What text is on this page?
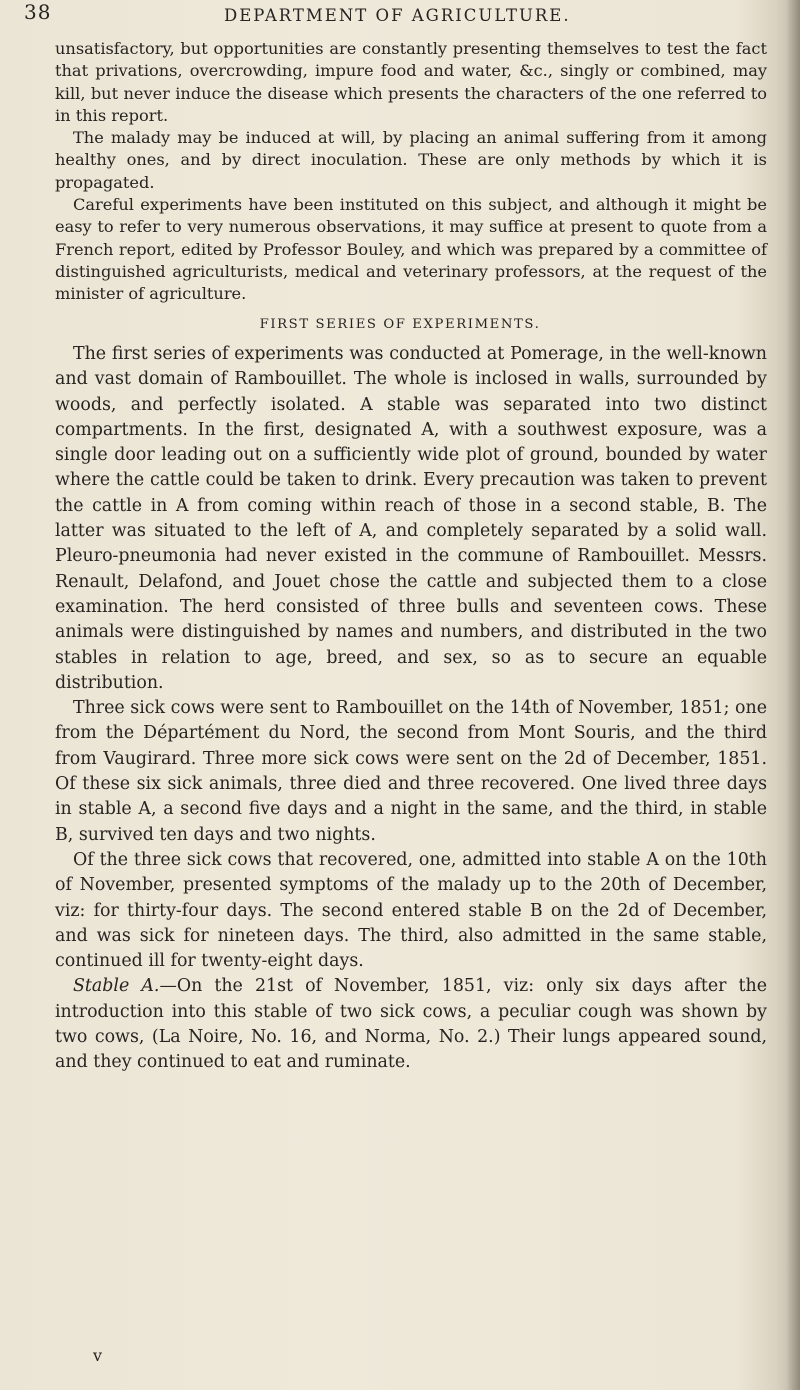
38	DEPARTMENT OF AGRICULTURE.

unsatisfactory, but opportunities are constantly presenting themselves to test the fact that privations, overcrowding, impure food and water, &c., singly or combined, may kill, but never induce the disease which presents the characters of the one referred to in this report.

The malady may be induced at will, by placing an animal suffering from it among healthy ones, and by direct inoculation. These are only methods by which it is propagated.

Careful experiments have been instituted on this subject, and although it might be easy to refer to very numerous observations, it may suffice at present to quote from a French report, edited by Professor Bouley, and which was prepared by a committee of distinguished agriculturists, medical and veterinary professors, at the request of the minister of agriculture.

FIRST SERIES OF EXPERIMENTS.

The first series of experiments was conducted at Pomerage, in the well-known and vast domain of Rambouillet. The whole is inclosed in walls, surrounded by woods, and perfectly isolated. A stable was separated into two distinct compartments. In the first, designated A, with a southwest exposure, was a single door leading out on a sufficiently wide plot of ground, bounded by water where the cattle could be taken to drink. Every precaution was taken to prevent the cattle in A from coming within reach of those in a second stable, B. The latter was situated to the left of A, and completely separated by a solid wall. Pleuro-pneumonia had never existed in the commune of Rambouillet. Messrs. Renault, Delafond, and Jouet chose the cattle and subjected them to a close examination. The herd consisted of three bulls and seventeen cows. These animals were distinguished by names and numbers, and distributed in the two stables in relation to age, breed, and sex, so as to secure an equable distribution.

Three sick cows were sent to Rambouillet on the 14th of November, 1851; one from the Départément du Nord, the second from Mont Souris, and the third from Vaugirard. Three more sick cows were sent on the 2d of December, 1851. Of these six sick animals, three died and three recovered. One lived three days in stable A, a second five days and a night in the same, and the third, in stable B, survived ten days and two nights.

Of the three sick cows that recovered, one, admitted into stable A on the 10th of November, presented symptoms of the malady up to the 20th of December, viz: for thirty-four days. The second entered stable B on the 2d of December, and was sick for nineteen days. The third, also admitted in the same stable, continued ill for twenty-eight days.

Stable A.—On the 21st of November, 1851, viz: only six days after the introduction into this stable of two sick cows, a peculiar cough was shown by two cows, (La Noire, No. 16, and Norma, No. 2.) Their lungs appeared sound, and they continued to eat and ruminate.

v
